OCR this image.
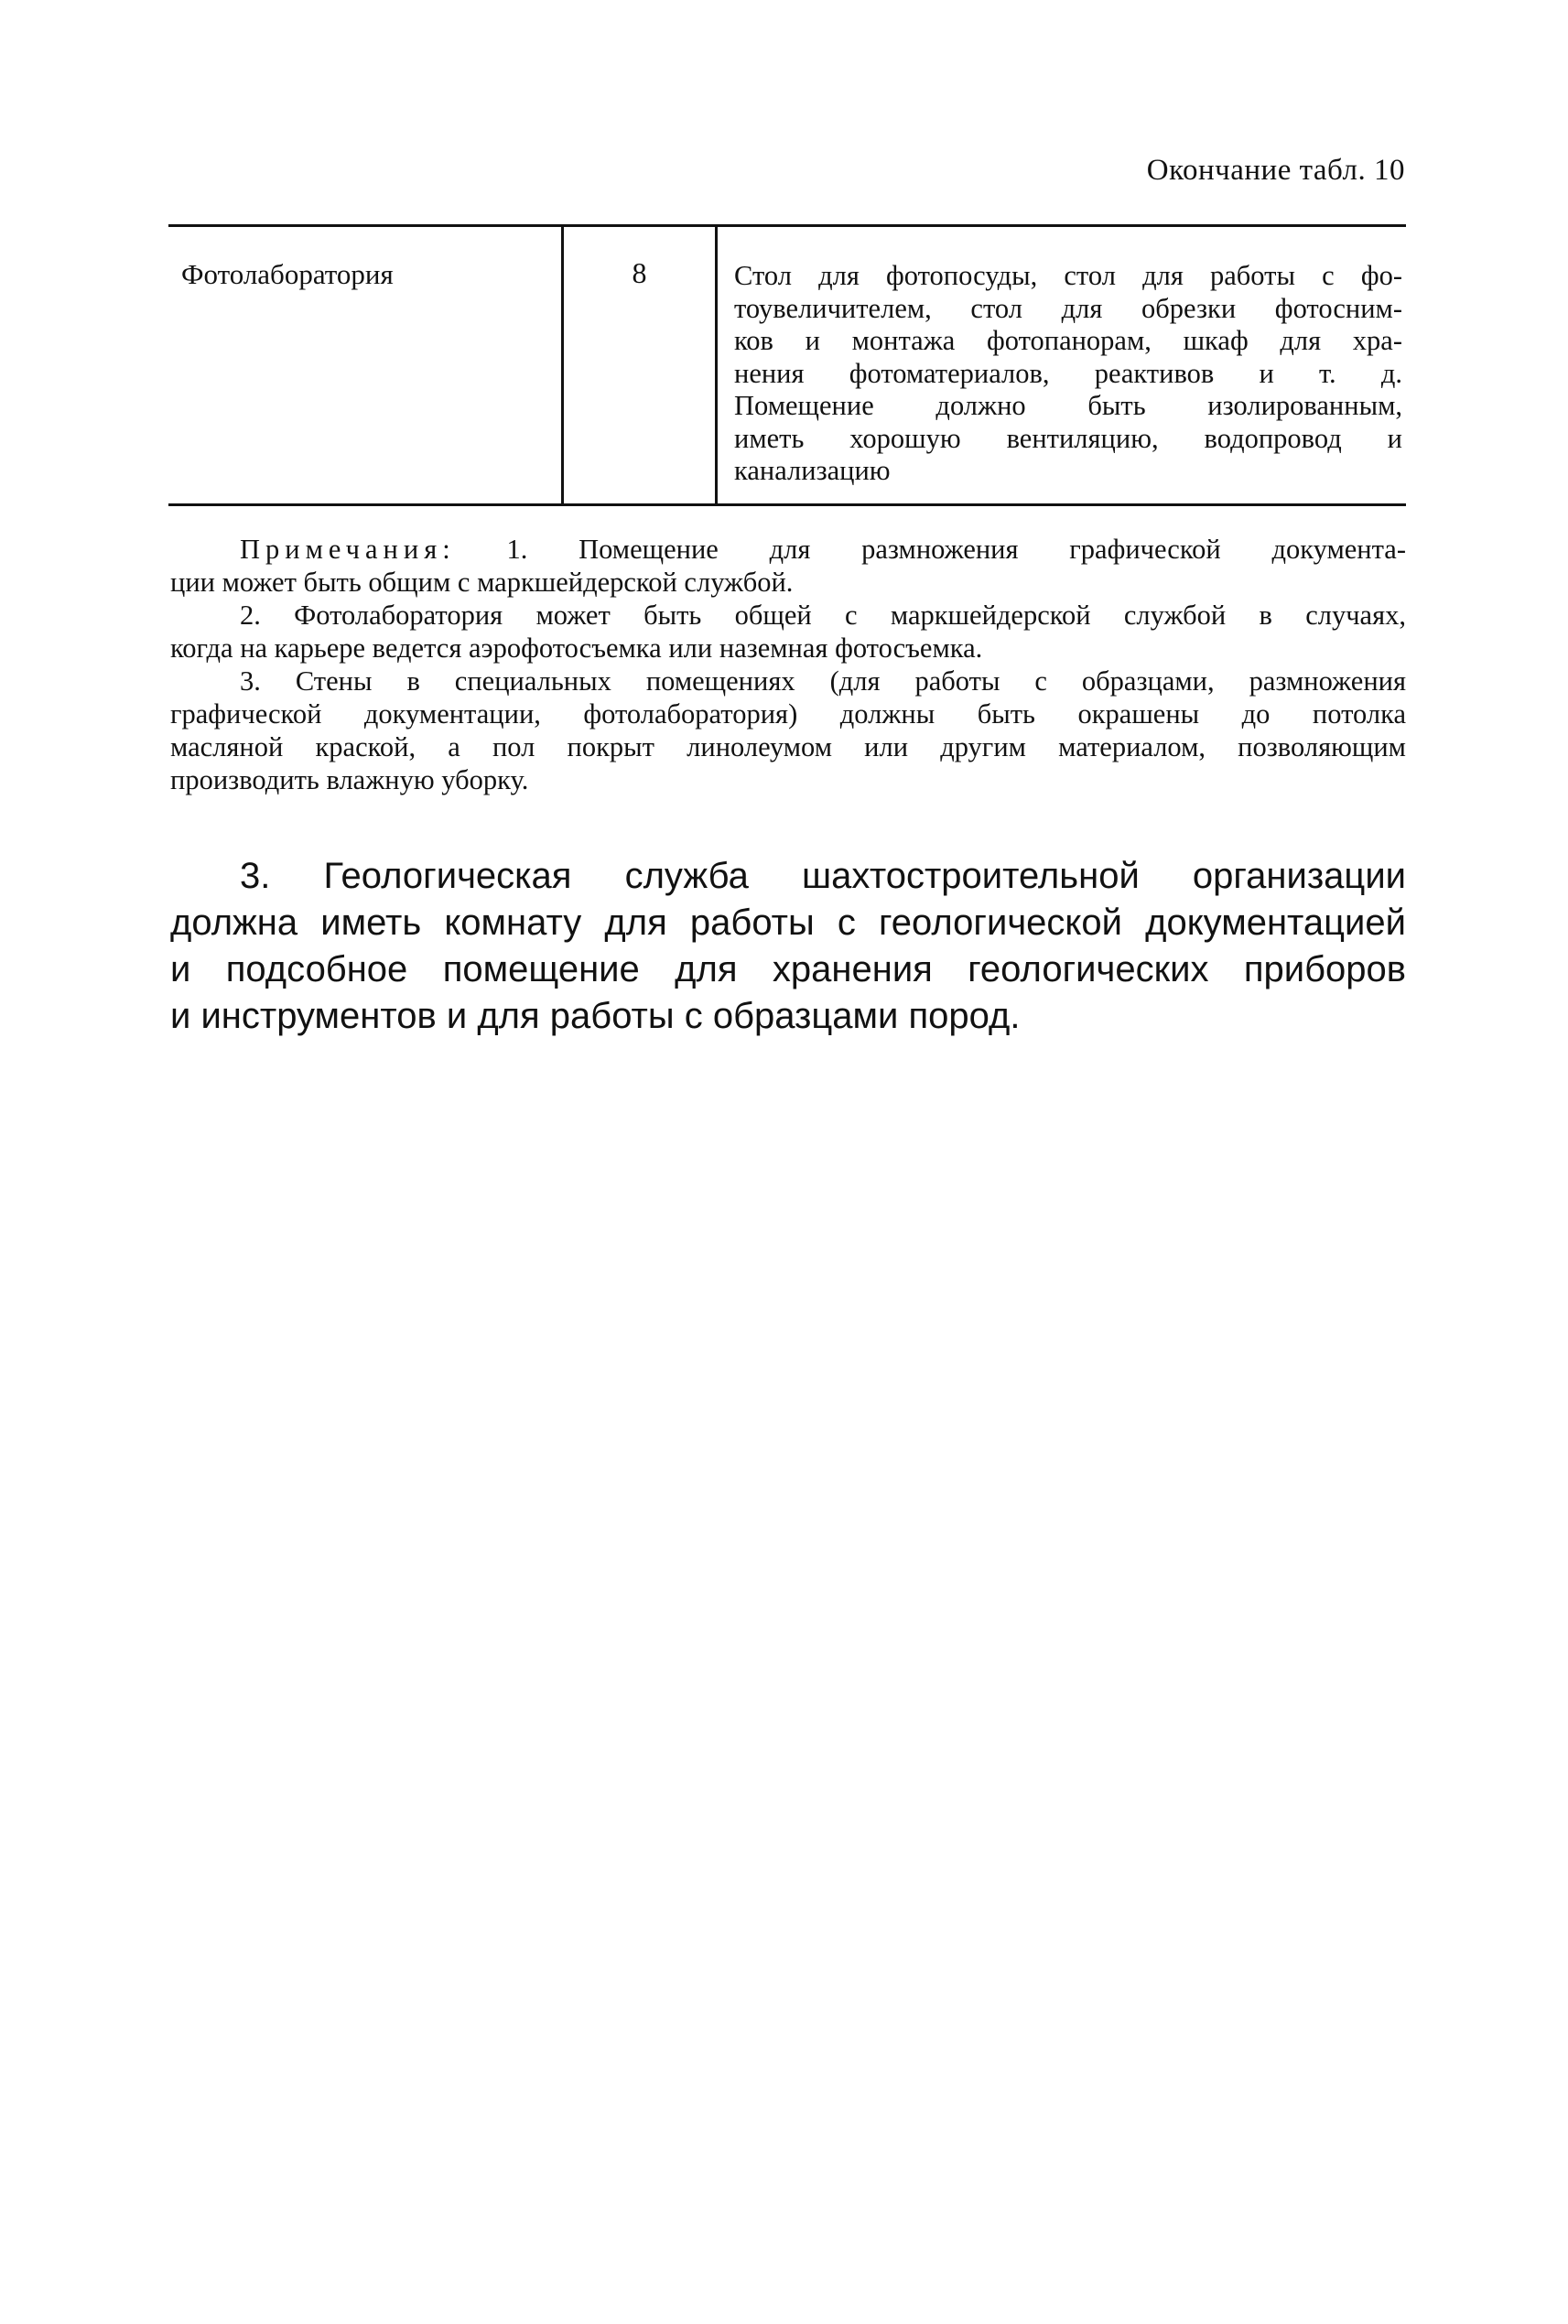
Окончание табл. 10
Фотолаборатория	8	Стол для фотопосуды, стол для работы с фо-
тоувеличителем, стол для обрезки фотосним-
ков и монтажа фотопанорам, шкаф для хра-
нения фотоматериалов, реактивов и т. д.
Помещение должно быть изолированным,
иметь хорошую вентиляцию, водопровод и
канализацию
Примечания: 1. Помещение для размножения графической документа-
ции может быть общим с маркшейдерской службой.
2. Фотолаборатория может быть общей с маркшейдерской службой в случаях,
когда на карьере ведется аэрофотосъемка или наземная фотосъемка.
3. Стены в специальных помещениях (для работы с образцами, размножения
графической документации, фотолаборатория) должны быть окрашены до потолка
масляной краской, а пол покрыт линолеумом или другим материалом, позволяющим
производить влажную уборку.
3. Геологическая служба шахтостроительной организации
должна иметь комнату для работы с геологической документацией
и подсобное помещение для хранения геологических приборов
и инструментов и для работы с образцами пород.
